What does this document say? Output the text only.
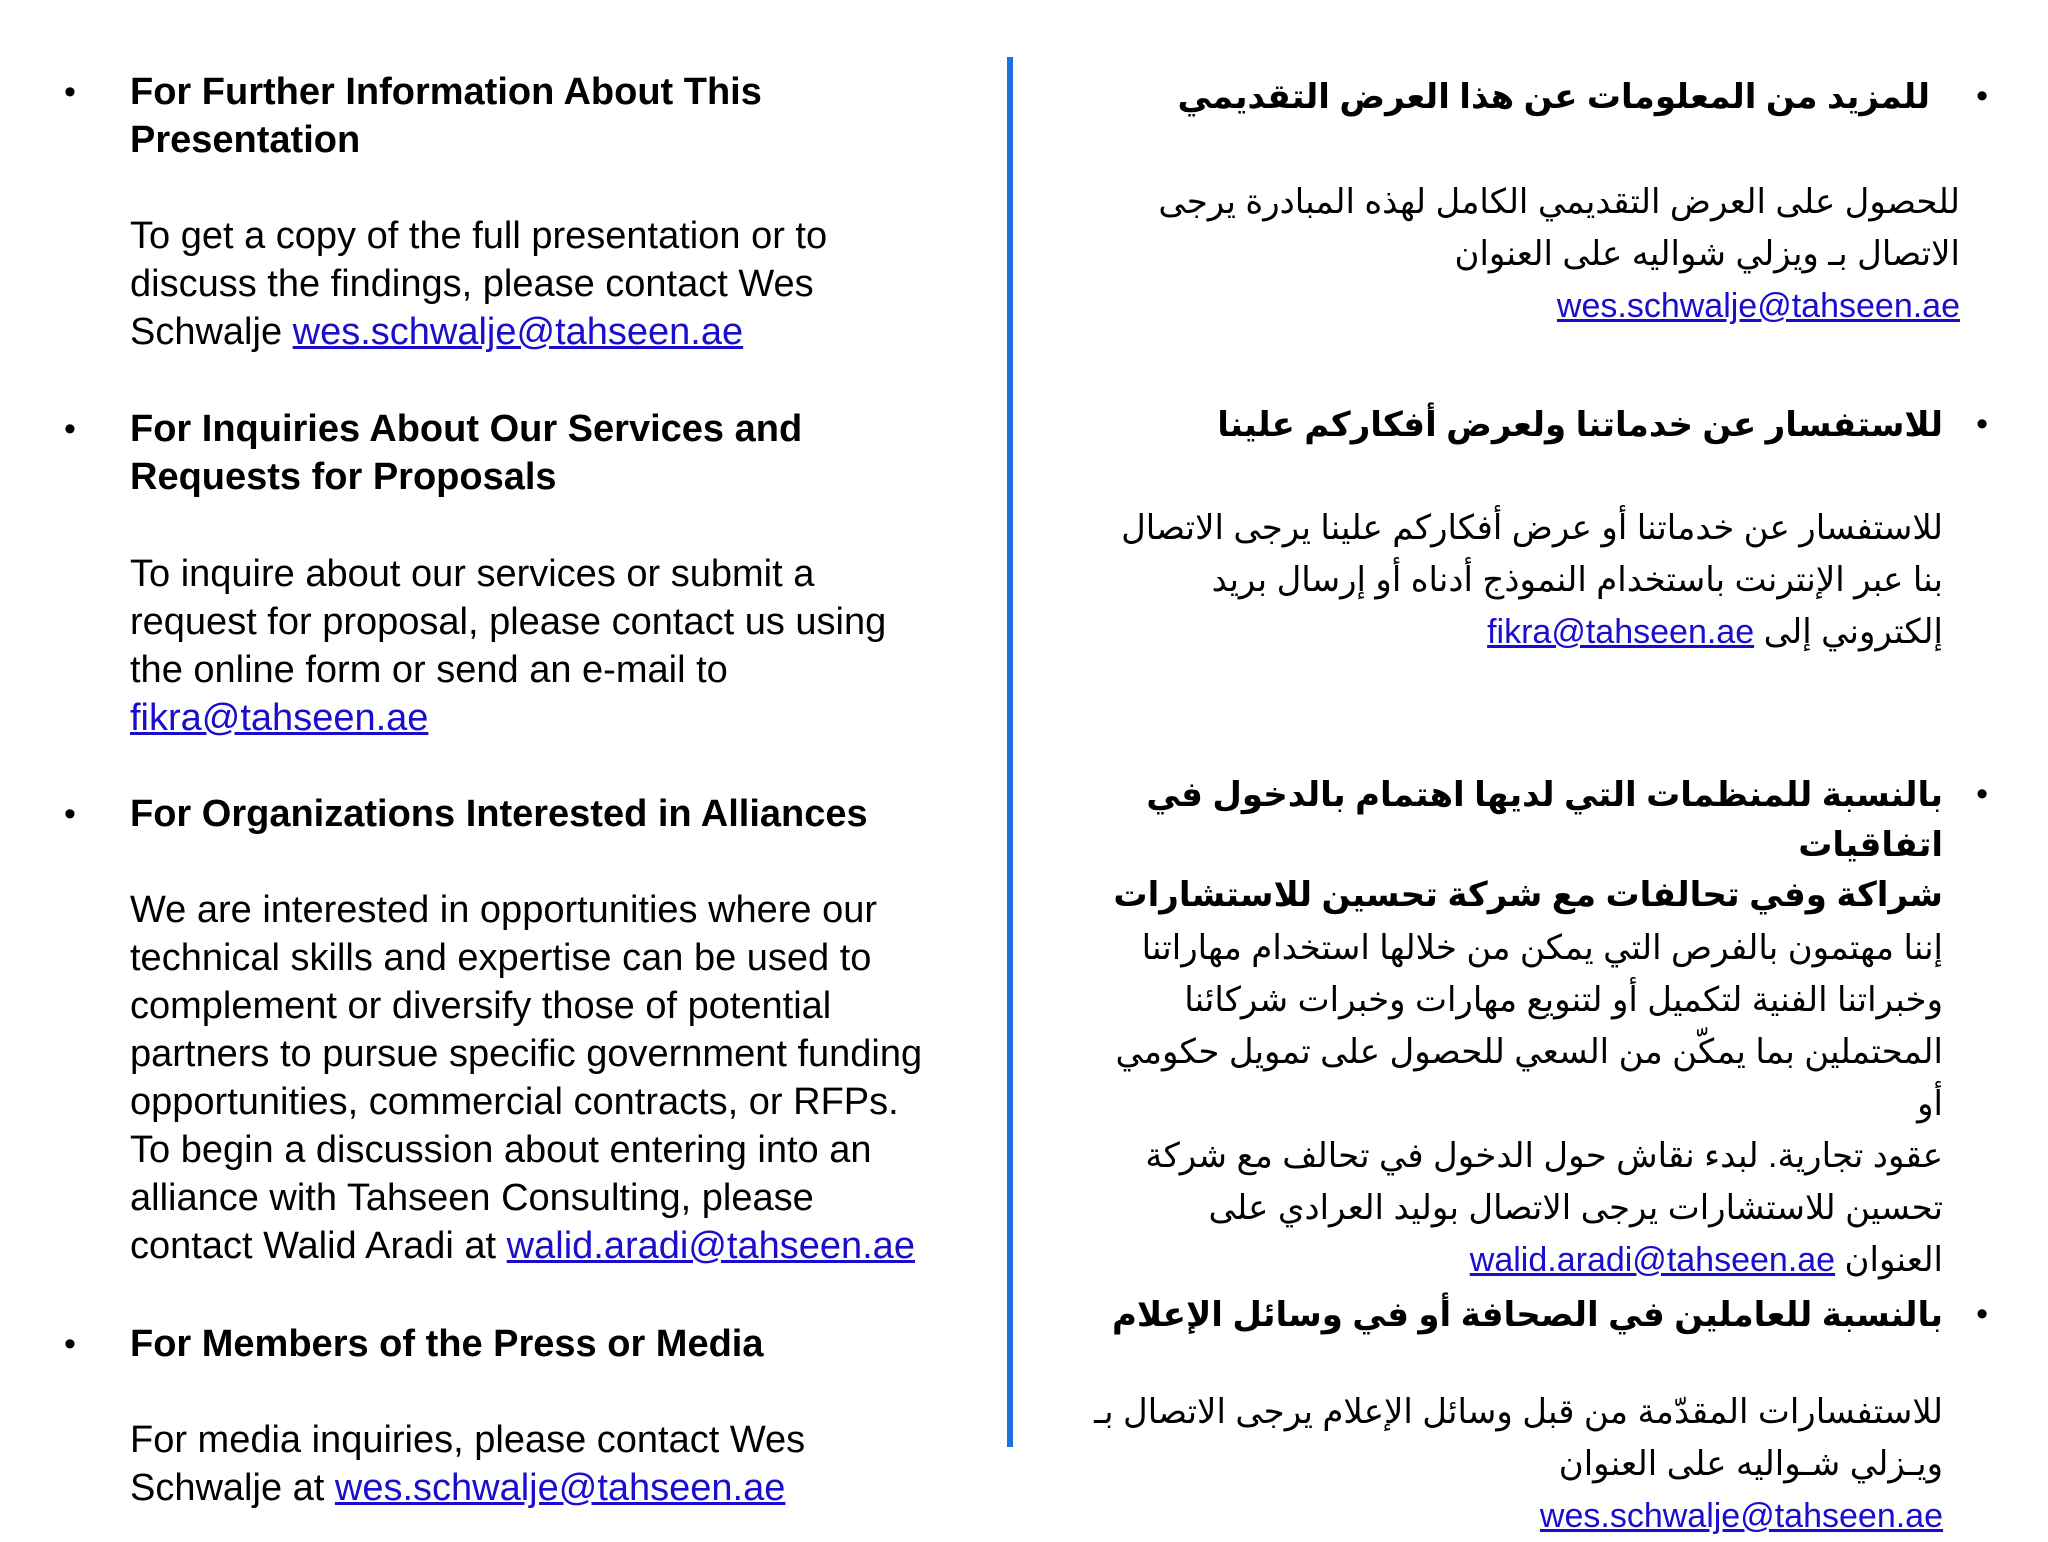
• For Further Information About This
Presentation

To get a copy of the full presentation or to
discuss the findings, please contact Wes
Schwalje wes.schwalje@tahseen.ae

• For Inquiries About Our Services and
Requests for Proposals

To inquire about our services or submit a
request for proposal, please contact us using
the online form or send an e-mail to
fikra@tahseen.ae

• For Organizations Interested in Alliances

We are interested in opportunities where our
technical skills and expertise can be used to
complement or diversify those of potential
partners to pursue specific government funding
opportunities, commercial contracts, or RFPs.
To begin a discussion about entering into an
alliance with Tahseen Consulting, please
contact Walid Aradi at walid.aradi@tahseen.ae

• For Members of the Press or Media

For media inquiries, please contact Wes
Schwalje at wes.schwalje@tahseen.ae

•

للمزيد من المعلومات عن هذا العرض التقديمي

للحصول على العرض التقديمي الكامل لهذه المبادرة يرجى
الاتصال بـ ويزلي شواليه على العنوان
wes.schwalje@tahseen.ae

•

للاستفسار عن خدماتنا ولعرض أفكاركم علينا

للاستفسار عن خدماتنا أو عرض أفكاركم علينا يرجى الاتصال
بنا عبر الإنترنت باستخدام النموذج أدناه أو إرسال بريد
إلكتروني إلى fikra@tahseen.ae

•

بالنسبة للمنظمات التي لديها اهتمام بالدخول في اتفاقيات
شراكة وفي تحالفات مع شركة تحسين للاستشارات

إننا مهتمون بالفرص التي يمكن من خلالها استخدام مهاراتنا
وخبراتنا الفنية لتكميل أو لتنويع مهارات وخبرات شركائنا
المحتملين بما يمكّن من السعي للحصول على تمويل حكومي أو
عقود تجارية. لبدء نقاش حول الدخول في تحالف مع شركة
تحسين للاستشارات يرجى الاتصال بوليد العرادي على
العنوان walid.aradi@tahseen.ae

•

بالنسبة للعاملين في الصحافة أو في وسائل الإعلام

للاستفسارات المقدّمة من قبل وسائل الإعلام يرجى الاتصال بـ
ويـزلي شـواليه على العنوان
wes.schwalje@tahseen.ae
